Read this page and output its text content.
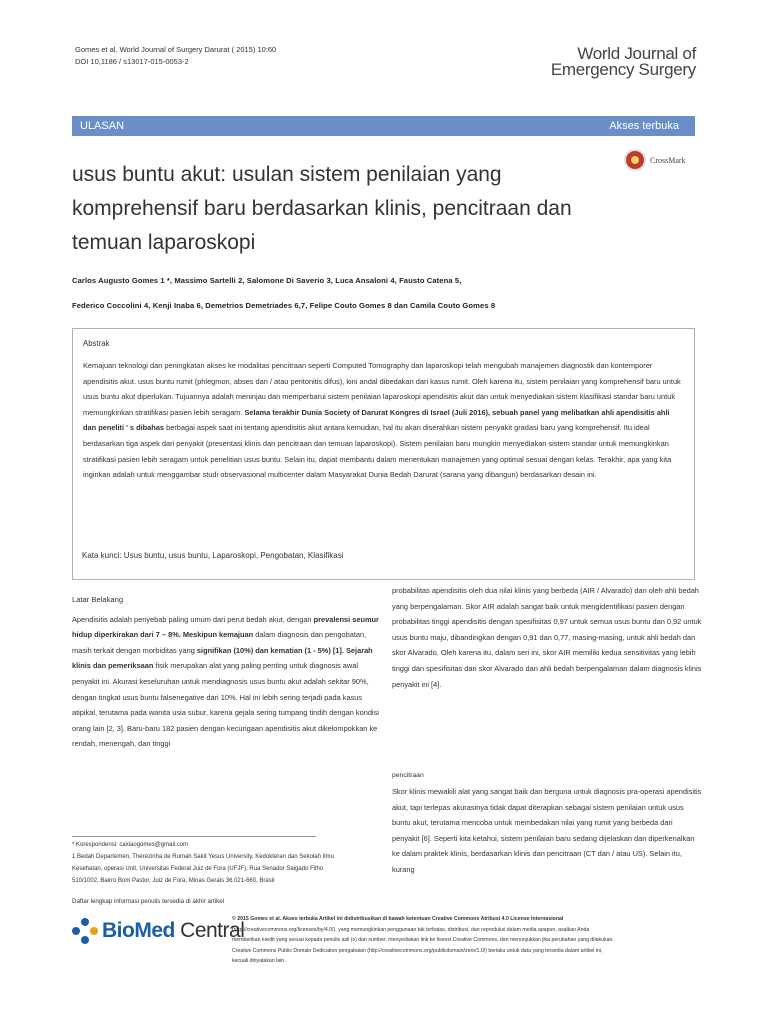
Gomes et al. World Journal of Surgery Darurat ( 2015) 10:60
DOI 10,1186 / s13017-015-0053-2	World Journal of
Emergency Surgery
ULASAN	Akses terbuka
CrossMark
usus buntu akut: usulan sistem penilaian yang komprehensif baru berdasarkan klinis, pencitraan dan temuan laparoskopi
Carlos Augusto Gomes 1 *, Massimo Sartelli 2, Salomone Di Saverio 3, Luca Ansaloni 4, Fausto Catena 5,
Federico Coccolini 4, Kenji Inaba 6, Demetrios Demetriades 6,7, Felipe Couto Gomes 8 dan Camila Couto Gomes 8
Abstrak
Kemajuan teknologi dan peningkatan akses ke modalitas pencitraan seperti Computed Tomography dan laparoskopi telah mengubah manajemen diagnostik dan kontemporer apendisitis akut. usus buntu rumit (phlegmon, abses dan / atau peritonitis difus), kini andal dibedakan dari kasus rumit. Oleh karena itu, sistem penilaian yang komprehensif baru untuk usus buntu akut diperlukan. Tujuannya adalah meninjau dan memperbarui sistem penilaian laparoskopi apendisitis akut dan untuk menyediakan sistem klasifikasi standar baru untuk memungkinkan stratifikasi pasien lebih seragam. Selama terakhir Dunia Society of Darurat Kongres di Israel (Juli 2016), sebuah panel yang melibatkan ahli apendisitis ahli dan peneliti ' s dibahas berbagai aspek saat ini tentang apendisitis akut antara kemudian, hal itu akan diserahkan sistem penyakit gradasi baru yang komprehensif. Itu ideal berdasarkan tiga aspek dari penyakit (presentasi klinis dan pencitraan dan temuan laparoskopi). Sistem penilaian baru mungkin menyediakan sistem standar untuk memungkinkan stratifikasi pasien lebih seragam untuk penelitian usus buntu. Selain itu, dapat membantu dalam menentukan manajemen yang optimal sesuai dengan kelas. Terakhir, apa yang kita inginkan adalah untuk menggambar studi observasional multicenter dalam Masyarakat Dunia Bedah Darurat (sarana yang dibangun) berdasarkan desain ini.
Kata kunci: Usus buntu, usus buntu, Laparoskopi, Pengobatan, Klasifikasi
Latar Belakang
Apendisitis adalah penyebab paling umum dari perut bedah akut, dengan prevalensi seumur hidup diperkirakan dari 7 – 8%. Meskipun kemajuan dalam diagnosis dan pengobatan, masih terkait dengan morbiditas yang signifikan (10%) dan kematian (1 - 5%) [1]. Sejarah klinis dan pemeriksaan fisik merupakan alat yang paling penting untuk diagnosis awal penyakit ini. Akurasi keseluruhan untuk mendiagnosis usus buntu akut adalah sekitar 90%, dengan tingkat usus buntu falsenegative dari 10%. Hal ini lebih sering terjadi pada kasus atipikal, terutama pada wanita usia subur, karena gejala sering tumpang tindih dengan kondisi orang lain [2, 3]. Baru-baru 182 pasien dengan kecurigaan apendisitis akut dikelompokkan ke rendah, menengah, dan tinggi
probabilitas apendisitis oleh dua nilai klinis yang berbeda (AIR / Alvarado) dan oleh ahli bedah yang berpengalaman. Skor AIR adalah sangat baik untuk mengidentifikasi pasien dengan probabilitas tinggi apendisitis dengan spesifisitas 0,97 untuk semua usus buntu dan 0,92 untuk usus buntu maju, dibandingkan dengan 0,91 dan 0,77, masing-masing, untuk ahli bedah dan skor Alvarado. Oleh karena itu, dalam seri ini, skor AIR memiliki kedua sensitivitas yang lebih tinggi dan spesifisitas dari skor Alvarado dan ahli bedah berpengalaman dalam diagnosis klinis penyakit ini [4].
pencitraan
Skor klinis mewakili alat yang sangat baik dan berguna untuk diagnosis pra-operasi apendisitis akut, tapi terlepas akurasinya tidak dapat diterapkan sebagai sistem penilaian untuk usus buntu akut, terutama mencoba untuk membedakan nilai yang rumit yang berbeda dari penyakit [6]. Seperti kita ketahui, sistem penilaian baru sedang dijelaskan dan diperkenalkan ke dalam praktek klinis, berdasarkan klinis dan pencitraan (CT dan / atau US). Selain itu, kurang
* Korespondensi: caxiaogomes@gmail.com
1 Bedah Departemen, Therezinha de Rumah Sakit Yesus University, Kedokteran dan Sekolah Ilmu
Kesehatan, operasi Unit, Universitas Federal Juiz de Fora (UFJF), Rua Senador Salgado Filho
510/1002, Bairro Bom Pastor, Juiz de Fora, Minas Gerais 36.021-660, Brasil
Daftar lengkap informasi penulis tersedia di akhir artikel
BioMed Central
© 2015 Gomes et al. Akses terbuka Artikel ini didistribusikan di bawah ketentuan Creative Commons Atribusi 4.0 License Internasional
(http://creativecommons.org/licenses/by/4.0/), yang memungkinkan penggunaan tak terbatas, distribusi, dan reproduksi dalam media apapun, asalkan Anda
memberikan kredit yang sesuai kepada penulis asli (s) dan sumber, menyediakan link ke lisensi Creative Commons, dan menunjukkan jika perubahan yang dilakukan.
Creative Commons Public Domain Dedication pengabaian (http://creativecommons.org/publicdomain/zero/1.0/) berlaku untuk data yang tersedia dalam artikel ini,
kecuali dinyatakan lain.
